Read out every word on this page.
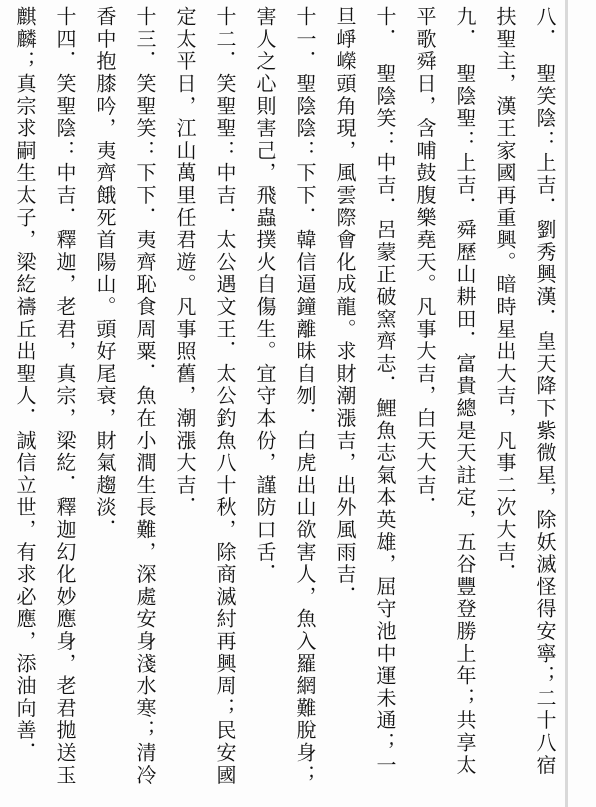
八．　聖笑陰：上吉．劉秀興漢．皇天降下紫微星，除妖滅怪得安寧；二十八宿
扶聖主，漢王家國再重興。暗時星出大吉，凡事二次大吉．
九．　聖陰聖：上吉．舜歷山耕田．富貴總是天註定，五谷豐登勝上年；共享太
平歌舜日，含哺鼓腹樂堯天。凡事大吉，白天大吉．
十．　聖陰笑：中吉．呂蒙正破窯齊志．鯉魚志氣本英雄，屈守池中運未通；一
旦崢嶸頭角現，風雲際會化成龍。求財潮漲吉，出外風雨吉．
十一．聖陰陰：下下．韓信逼鐘離昧自刎．白虎出山欲害人，魚入羅網難脫身；
害人之心則害己，飛蟲撲火自傷生。宜守本份，謹防口舌．
十二．笑聖聖：中吉．太公遇文王．太公釣魚八十秋，除商滅紂再興周；民安國
定太平日，江山萬里任君遊。凡事照舊，潮漲大吉．
十三．笑聖笑：下下．夷齊恥食周粟．魚在小澗生長難，深處安身淺水寒；清冷
香中抱膝吟，夷齊餓死首陽山。頭好尾衰，財氣趨淡．
十四．笑聖陰：中吉．釋迦，老君，真宗，梁紇．釋迦幻化妙應身，老君拋送玉
麒麟；真宗求嗣生太子，梁紇禱丘出聖人．誠信立世，有求必應，添油向善．
